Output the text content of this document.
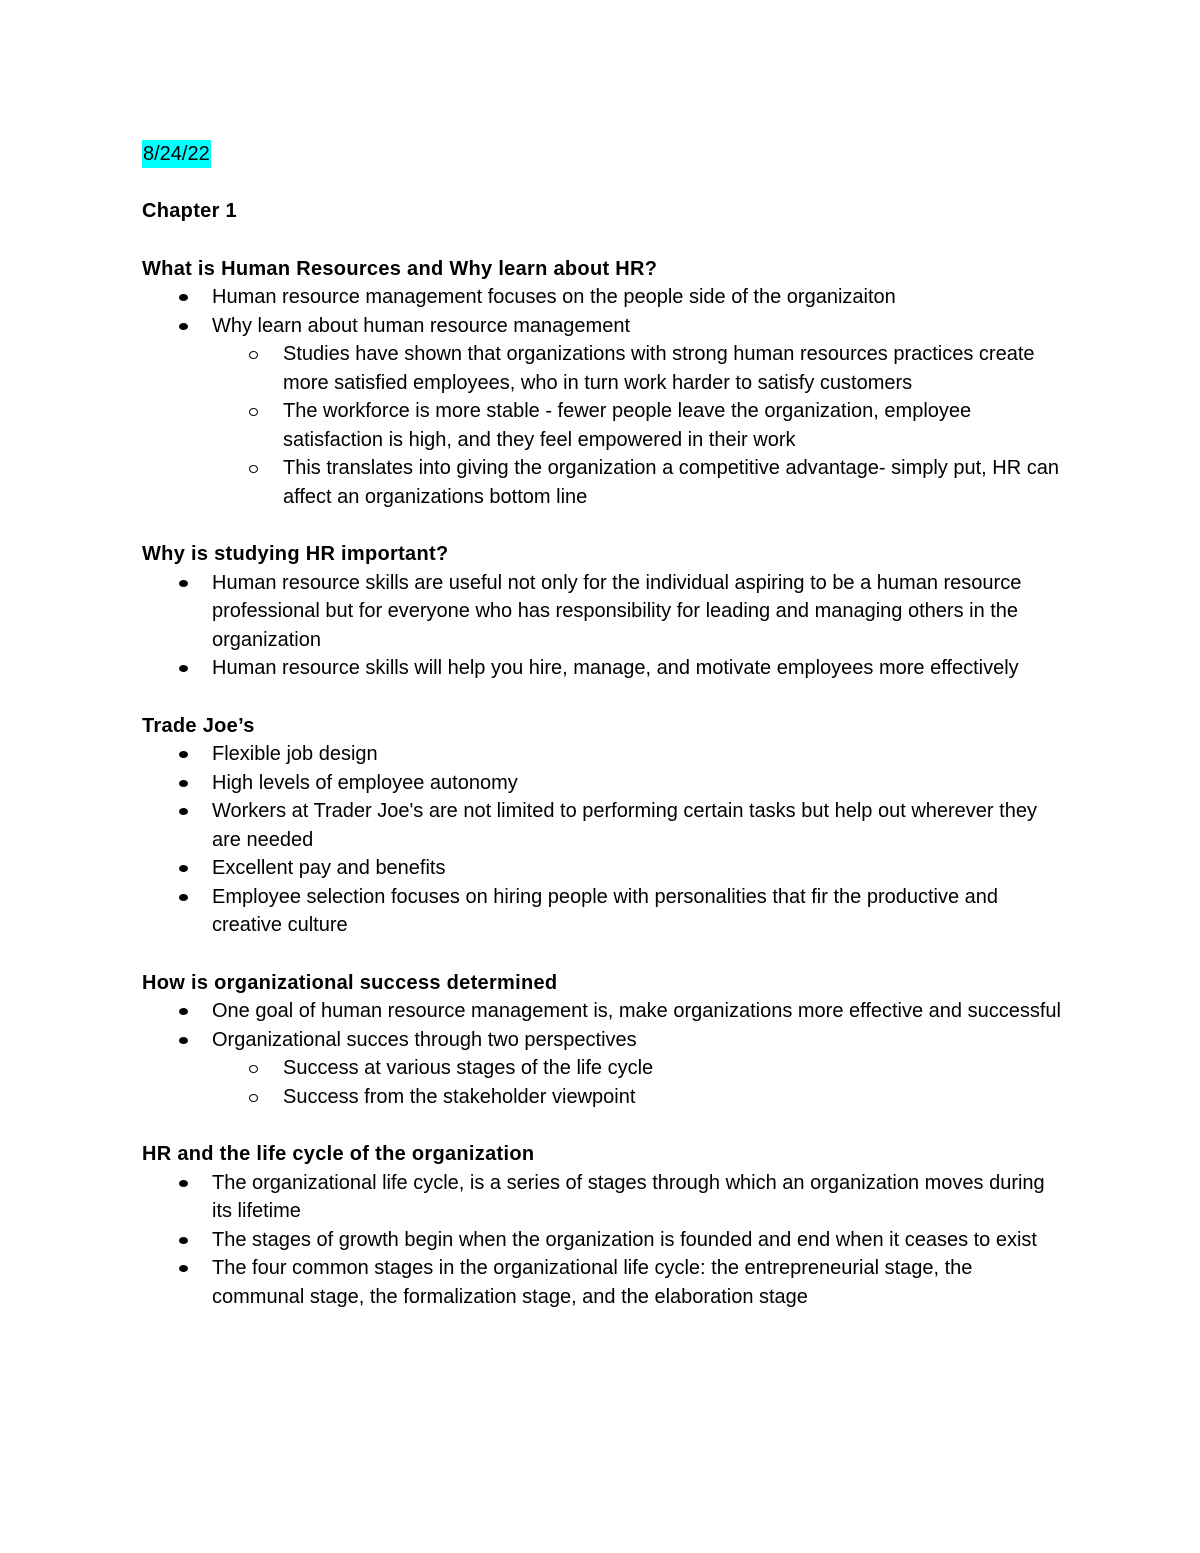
8/24/22
Chapter 1
What is Human Resources and Why learn about HR?
Human resource management focuses on the people side of the organizaiton
Why learn about human resource management
Studies have shown that organizations with strong human resources practices create more satisfied employees, who in turn work harder to satisfy customers
The workforce is more stable - fewer people leave the organization, employee satisfaction is high, and they feel empowered in their work
This translates into giving the organization a competitive advantage- simply put, HR can affect an organizations bottom line
Why is studying HR important?
Human resource skills are useful not only for the individual aspiring to be a human resource professional but for everyone who has responsibility for leading and managing others in the organization
Human resource skills will help you hire, manage, and motivate employees more effectively
Trade Joe’s
Flexible job design
High levels of employee autonomy
Workers at Trader Joe's are not limited to performing certain tasks but help out wherever they are needed
Excellent pay and benefits
Employee selection focuses on hiring people with personalities that fir the productive and creative culture
How is organizational success determined
One goal of human resource management is, make organizations more effective and successful
Organizational succes through two perspectives
Success at various stages of the life cycle
Success from the stakeholder viewpoint
HR and the life cycle of the organization
The organizational life cycle, is a series of stages through which an organization moves during its lifetime
The stages of growth begin when the organization is founded and end when it ceases to exist
The four common stages in the organizational life cycle: the entrepreneurial stage, the communal stage, the formalization stage, and the elaboration stage
